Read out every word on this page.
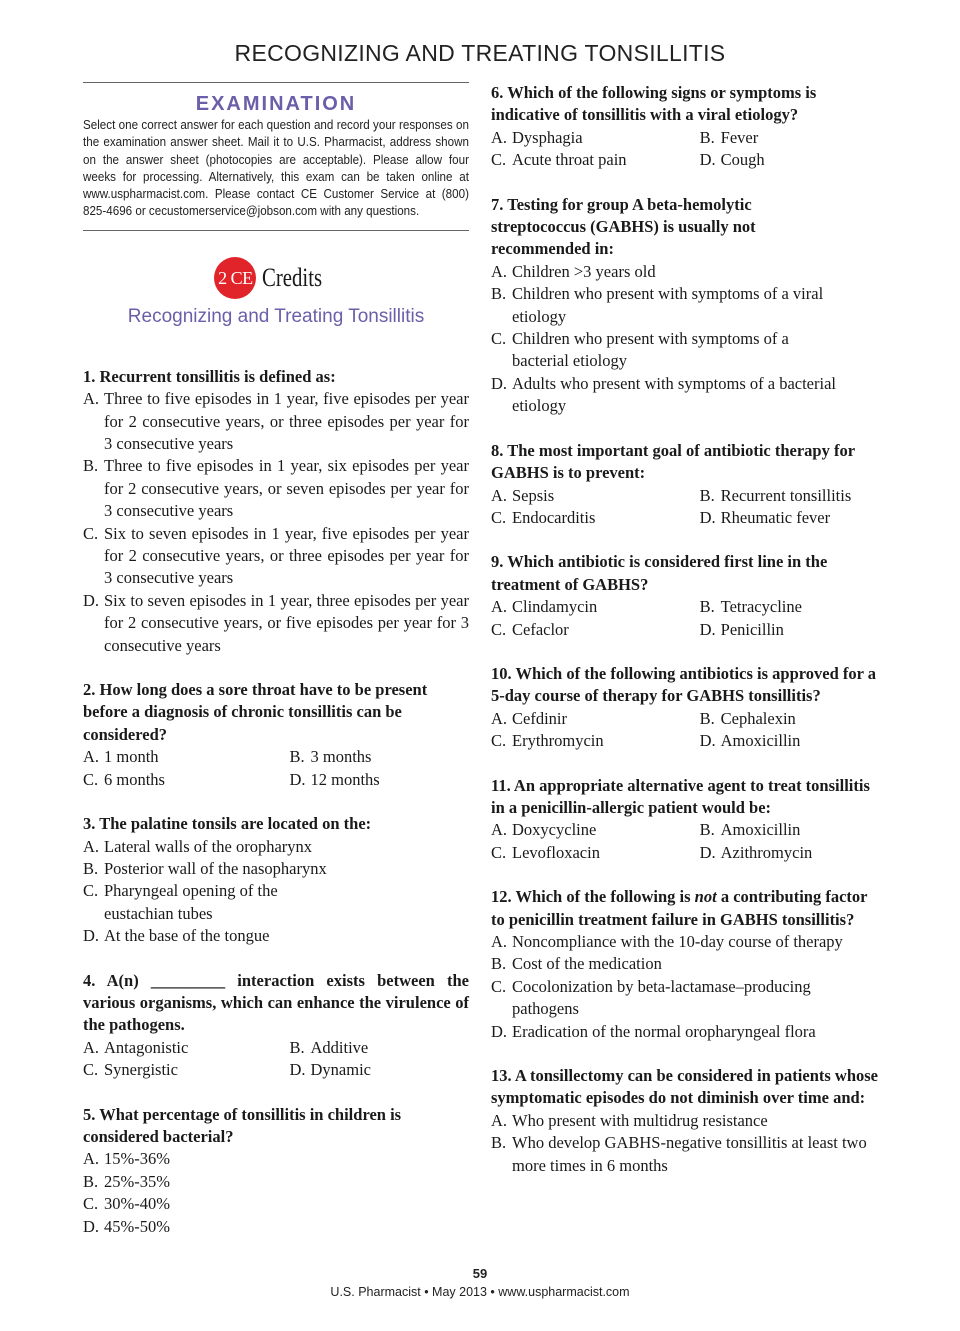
RECOGNIZING AND TREATING TONSILLITIS
EXAMINATION
Select one correct answer for each question and record your responses on the examination answer sheet. Mail it to U.S. Pharmacist, address shown on the answer sheet (photocopies are acceptable). Please allow four weeks for processing. Alternatively, this exam can be taken online at www.uspharmacist.com. Please contact CE Customer Service at (800) 825-4696 or cecustomerservice@jobson.com with any questions.
2 CE Credits
Recognizing and Treating Tonsillitis
1. Recurrent tonsillitis is defined as:
A. Three to five episodes in 1 year, five episodes per year for 2 consecutive years, or three episodes per year for 3 consecutive years
B. Three to five episodes in 1 year, six episodes per year for 2 consecutive years, or seven episodes per year for 3 consecutive years
C. Six to seven episodes in 1 year, five episodes per year for 2 consecutive years, or three episodes per year for 3 consecutive years
D. Six to seven episodes in 1 year, three episodes per year for 2 consecutive years, or five episodes per year for 3 consecutive years
2. How long does a sore throat have to be present before a diagnosis of chronic tonsillitis can be considered?
A. 1 month	B. 3 months
C. 6 months	D. 12 months
3. The palatine tonsils are located on the:
A. Lateral walls of the oropharynx
B. Posterior wall of the nasopharynx
C. Pharyngeal opening of the eustachian tubes
D. At the base of the tongue
4. A(n) _________ interaction exists between the various organisms, which can enhance the virulence of the pathogens.
A. Antagonistic	B. Additive
C. Synergistic	D. Dynamic
5. What percentage of tonsillitis in children is considered bacterial?
A. 15%-36%
B. 25%-35%
C. 30%-40%
D. 45%-50%
6. Which of the following signs or symptoms is indicative of tonsillitis with a viral etiology?
A. Dysphagia	B. Fever
C. Acute throat pain	D. Cough
7. Testing for group A beta-hemolytic streptococcus (GABHS) is usually not recommended in:
A. Children >3 years old
B. Children who present with symptoms of a viral etiology
C. Children who present with symptoms of a bacterial etiology
D. Adults who present with symptoms of a bacterial etiology
8. The most important goal of antibiotic therapy for GABHS is to prevent:
A. Sepsis	B. Recurrent tonsillitis
C. Endocarditis	D. Rheumatic fever
9. Which antibiotic is considered first line in the treatment of GABHS?
A. Clindamycin	B. Tetracycline
C. Cefaclor	D. Penicillin
10. Which of the following antibiotics is approved for a 5-day course of therapy for GABHS tonsillitis?
A. Cefdinir	B. Cephalexin
C. Erythromycin	D. Amoxicillin
11. An appropriate alternative agent to treat tonsillitis in a penicillin-allergic patient would be:
A. Doxycycline	B. Amoxicillin
C. Levofloxacin	D. Azithromycin
12. Which of the following is not a contributing factor to penicillin treatment failure in GABHS tonsillitis?
A. Noncompliance with the 10-day course of therapy
B. Cost of the medication
C. Cocolonization by beta-lactamase–producing pathogens
D. Eradication of the normal oropharyngeal flora
13. A tonsillectomy can be considered in patients whose symptomatic episodes do not diminish over time and:
A. Who present with multidrug resistance
B. Who develop GABHS-negative tonsillitis at least two more times in 6 months
59
U.S. Pharmacist • May 2013 • www.uspharmacist.com
